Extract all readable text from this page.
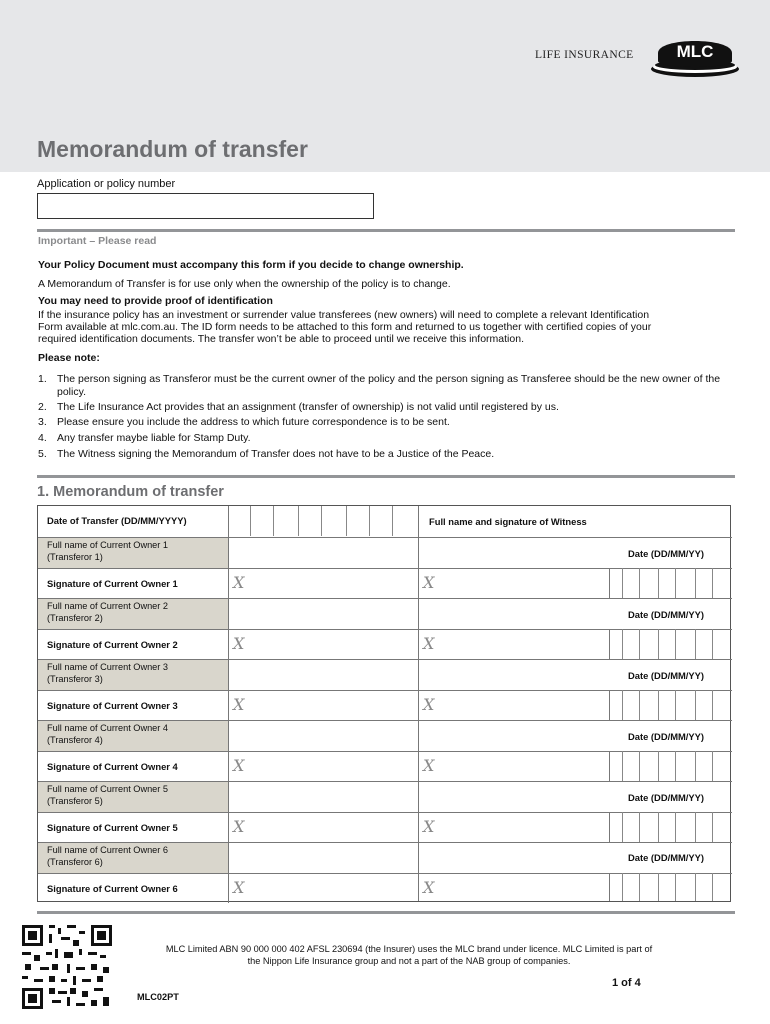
LIFE INSURANCE	MLC
Memorandum of transfer
Application or policy number
Important – Please read
Your Policy Document must accompany this form if you decide to change ownership.
A Memorandum of Transfer is for use only when the ownership of the policy is to change.
You may need to provide proof of identification
If the insurance policy has an investment or surrender value transferees (new owners) will need to complete a relevant Identification
Form available at mlc.com.au. The ID form needs to be attached to this form and returned to us together with certified copies of your
required identification documents. The transfer won’t be able to proceed until we receive this information.
Please note:
1. The person signing as Transferor must be the current owner of the policy and the person signing as Transferee should be the new owner of the policy.
2. The Life Insurance Act provides that an assignment (transfer of ownership) is not valid until registered by us.
3. Please ensure you include the address to which future correspondence is to be sent.
4. Any transfer maybe liable for Stamp Duty.
5. The Witness signing the Memorandum of Transfer does not have to be a Justice of the Peace.
1. Memorandum of transfer
Date of Transfer (DD/MM/YYYY)	Full name and signature of Witness
Full name of Current Owner 1
(Transferor 1)	Date (DD/MM/YY)
Signature of Current Owner 1	X	X
Full name of Current Owner 2
(Transferor 2)	Date (DD/MM/YY)
Signature of Current Owner 2	X	X
Full name of Current Owner 3
(Transferor 3)	Date (DD/MM/YY)
Signature of Current Owner 3	X	X
Full name of Current Owner 4
(Transferor 4)	Date (DD/MM/YY)
Signature of Current Owner 4	X	X
Full name of Current Owner 5
(Transferor 5)	Date (DD/MM/YY)
Signature of Current Owner 5	X	X
Full name of Current Owner 6
(Transferor 6)	Date (DD/MM/YY)
Signature of Current Owner 6	X	X
MLC Limited ABN 90 000 000 402 AFSL 230694 (the Insurer) uses the MLC brand under licence. MLC Limited is part of
the Nippon Life Insurance group and not a part of the NAB group of companies.
1 of 4
MLC02PT
